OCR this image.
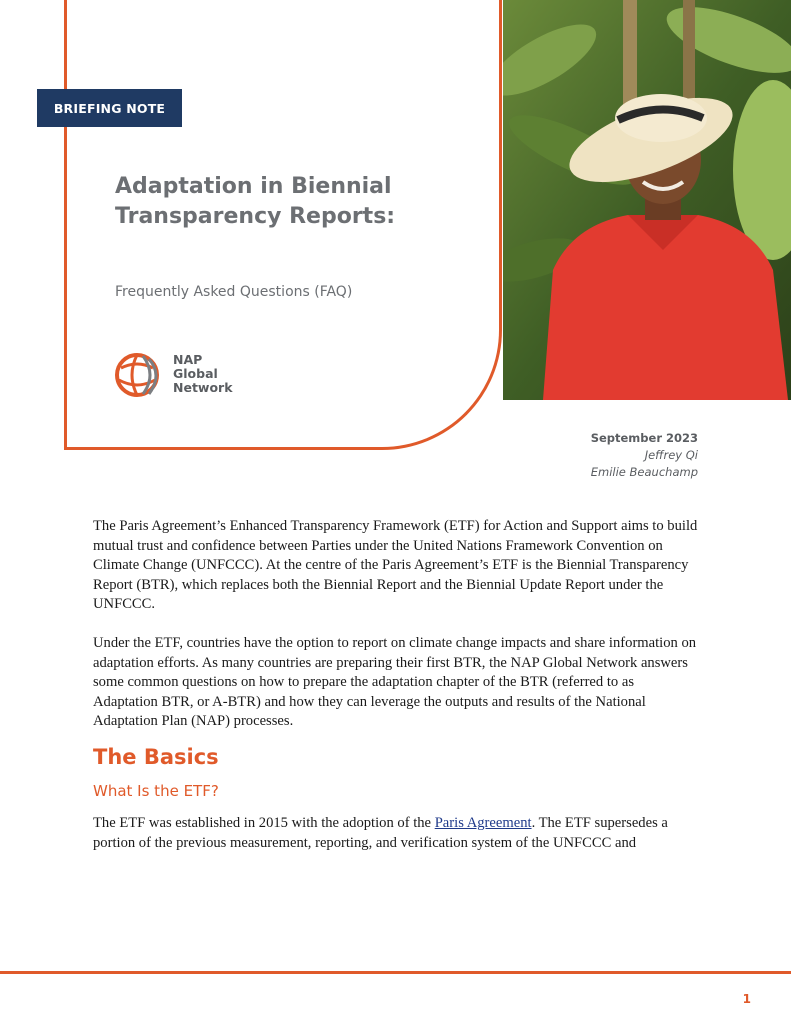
BRIEFING NOTE
Adaptation in Biennial Transparency Reports:
Frequently Asked Questions (FAQ)
NAP
Global
Network
September 2023
Jeffrey Qi
Emilie Beauchamp

The Paris Agreement’s Enhanced Transparency Framework (ETF) for Action and Support aims to build mutual trust and confidence between Parties under the United Nations Framework Convention on Climate Change (UNFCCC). At the centre of the Paris Agreement’s ETF is the Biennial Transparency Report (BTR), which replaces both the Biennial Report and the Biennial Update Report under the UNFCCC.

Under the ETF, countries have the option to report on climate change impacts and share information on adaptation efforts. As many countries are preparing their first BTR, the NAP Global Network answers some common questions on how to prepare the adaptation chapter of the BTR (referred to as Adaptation BTR, or A-BTR) and how they can leverage the outputs and results of the National Adaptation Plan (NAP) processes.

The Basics
What Is the ETF?

The ETF was established in 2015 with the adoption of the Paris Agreement. The ETF supersedes a portion of the previous measurement, reporting, and verification system of the UNFCCC and

1
